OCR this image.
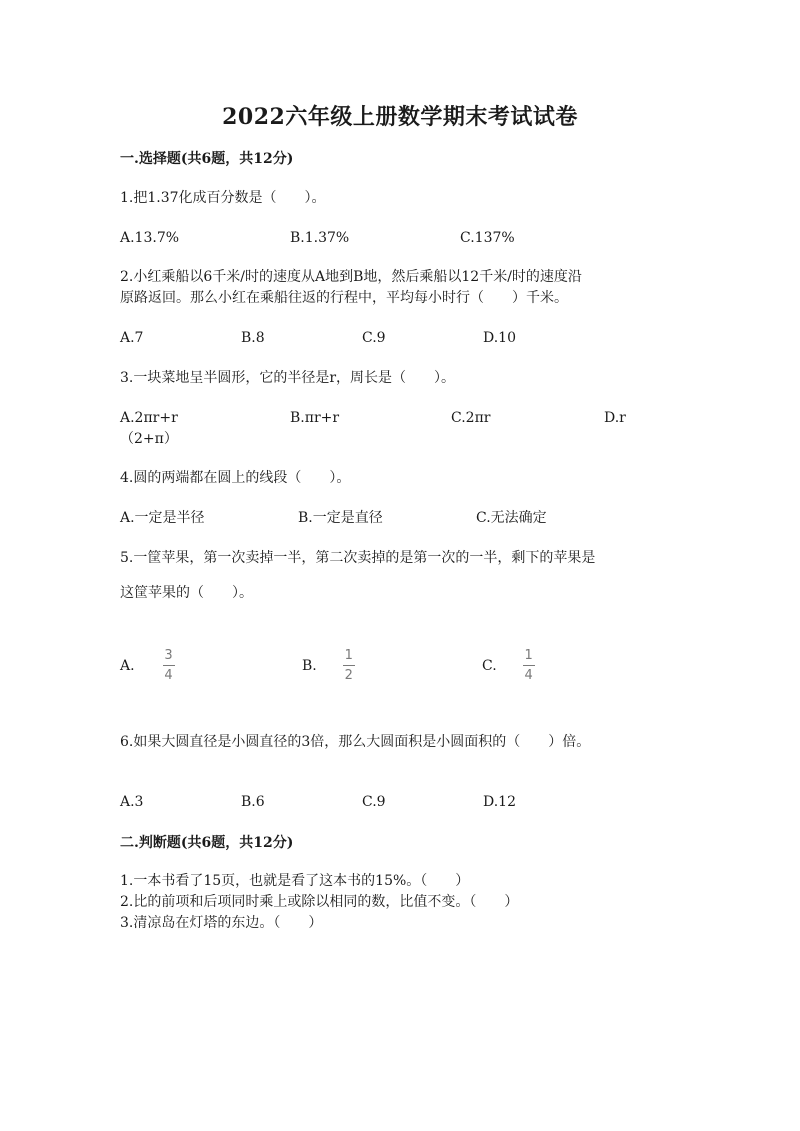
2022六年级上册数学期末考试试卷
一.选择题(共6题，共12分)
1.把1.37化成百分数是（　　）。
A.13.7%	B.1.37%	C.137%
2.小红乘船以6千米/时的速度从A地到B地，然后乘船以12千米/时的速度沿
原路返回。那么小红在乘船往返的行程中，平均每小时行（　　）千米。
A.7	B.8	C.9	D.10
3.一块菜地呈半圆形，它的半径是r，周长是（　　）。
A.2πr+r	B.πr+r	C.2πr	D.r
（2+π）
4.圆的两端都在圆上的线段（　　）。
A.一定是半径	B.一定是直径	C.无法确定
5.一筐苹果，第一次卖掉一半，第二次卖掉的是第一次的一半，剩下的苹果是
这筐苹果的（　　）。
A. $\frac{3}{4}$	B. $\frac{1}{2}$	C. $\frac{1}{4}$
6.如果大圆直径是小圆直径的3倍，那么大圆面积是小圆面积的（　　）倍。
A.3	B.6	C.9	D.12
二.判断题(共6题，共12分)
1.一本书看了15页，也就是看了这本书的15%。（　　）
2.比的前项和后项同时乘上或除以相同的数，比值不变。（　　）
3.清凉岛在灯塔的东边。（　　）
